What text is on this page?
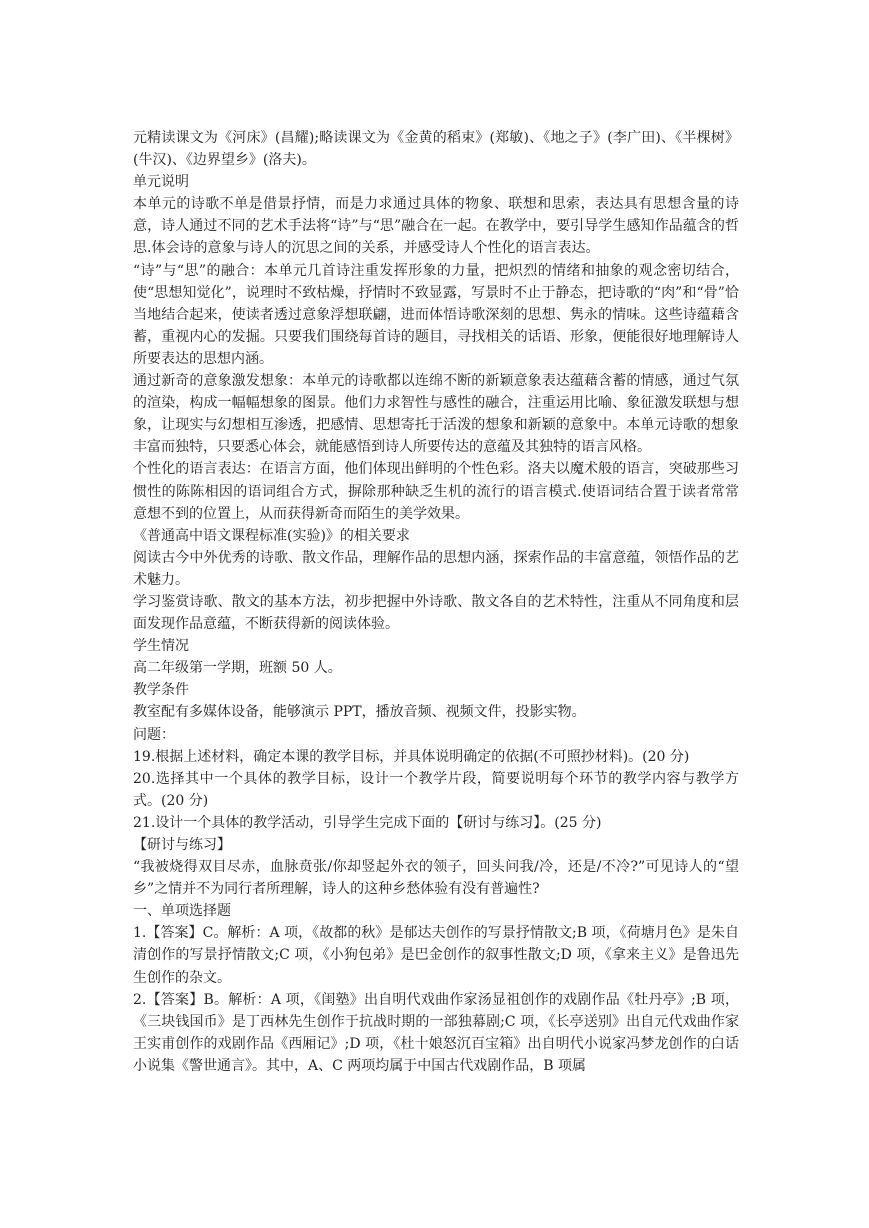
元精读课文为《河床》(昌耀);略读课文为《金黄的稻束》(郑敏)、《地之子》(李广田)、《半棵树》(牛汉)、《边界望乡》(洛夫)。

单元说明

本单元的诗歌不单是借景抒情，而是力求通过具体的物象、联想和思索，表达具有思想含量的诗意，诗人通过不同的艺术手法将“诗”与“思”融合在一起。在教学中，要引导学生感知作品蕴含的哲思.体会诗的意象与诗人的沉思之间的关系，并感受诗人个性化的语言表达。

“诗”与“思”的融合：本单元几首诗注重发挥形象的力量，把炽烈的情绪和抽象的观念密切结合，使“思想知觉化”，说理时不致枯燥，抒情时不致显露，写景时不止于静态，把诗歌的“肉”和“骨”恰当地结合起来，使读者透过意象浮想联翩，进而体悟诗歌深刻的思想、隽永的情味。这些诗蕴藉含蓄，重视内心的发掘。只要我们围绕每首诗的题目，寻找相关的话语、形象，便能很好地理解诗人所要表达的思想内涵。

通过新奇的意象激发想象：本单元的诗歌都以连绵不断的新颖意象表达蕴藉含蓄的情感，通过气氛的渲染，构成一幅幅想象的图景。他们力求智性与感性的融合，注重运用比喻、象征激发联想与想象，让现实与幻想相互渗透，把感情、思想寄托于活泼的想象和新颖的意象中。本单元诗歌的想象丰富而独特，只要悉心体会，就能感悟到诗人所要传达的意蕴及其独特的语言风格。

个性化的语言表达：在语言方面，他们体现出鲜明的个性色彩。洛夫以魔术般的语言，突破那些习惯性的陈陈相因的语词组合方式，摒除那种缺乏生机的流行的语言模式.使语词结合置于读者常常意想不到的位置上，从而获得新奇而陌生的美学效果。

《普通高中语文课程标准(实验)》的相关要求

阅读古今中外优秀的诗歌、散文作品，理解作品的思想内涵，探索作品的丰富意蕴，领悟作品的艺术魅力。

学习鉴赏诗歌、散文的基本方法，初步把握中外诗歌、散文各自的艺术特性，注重从不同角度和层面发现作品意蕴，不断获得新的阅读体验。

学生情况

高二年级第一学期，班额 50 人。

教学条件

教室配有多媒体设备，能够演示 PPT，播放音频、视频文件，投影实物。

问题：

19.根据上述材料，确定本课的教学目标，并具体说明确定的依据(不可照抄材料)。(20 分)

20.选择其中一个具体的教学目标，设计一个教学片段，简要说明每个环节的教学内容与教学方式。(20 分)

21.设计一个具体的教学活动，引导学生完成下面的【研讨与练习】。(25 分)

【研讨与练习】

“我被烧得双目尽赤，血脉贲张/你却竖起外衣的领子，回头问我/冷，还是/不冷?”可见诗人的“望乡”之情并不为同行者所理解，诗人的这种乡愁体验有没有普遍性?

一、单项选择题

1.【答案】C。解析：A 项，《故都的秋》是郁达夫创作的写景抒情散文;B 项，《荷塘月色》是朱自清创作的写景抒情散文;C 项，《小狗包弟》是巴金创作的叙事性散文;D 项，《拿来主义》是鲁迅先生创作的杂文。

2.【答案】B。解析：A 项，《闺塾》出自明代戏曲作家汤显祖创作的戏剧作品《牡丹亭》;B 项，《三块钱国币》是丁西林先生创作于抗战时期的一部独幕剧;C 项，《长亭送别》出自元代戏曲作家王实甫创作的戏剧作品《西厢记》;D 项，《杜十娘怒沉百宝箱》出自明代小说家冯梦龙创作的白话小说集《警世通言》。其中，A、C 两项均属于中国古代戏剧作品，B 项属
